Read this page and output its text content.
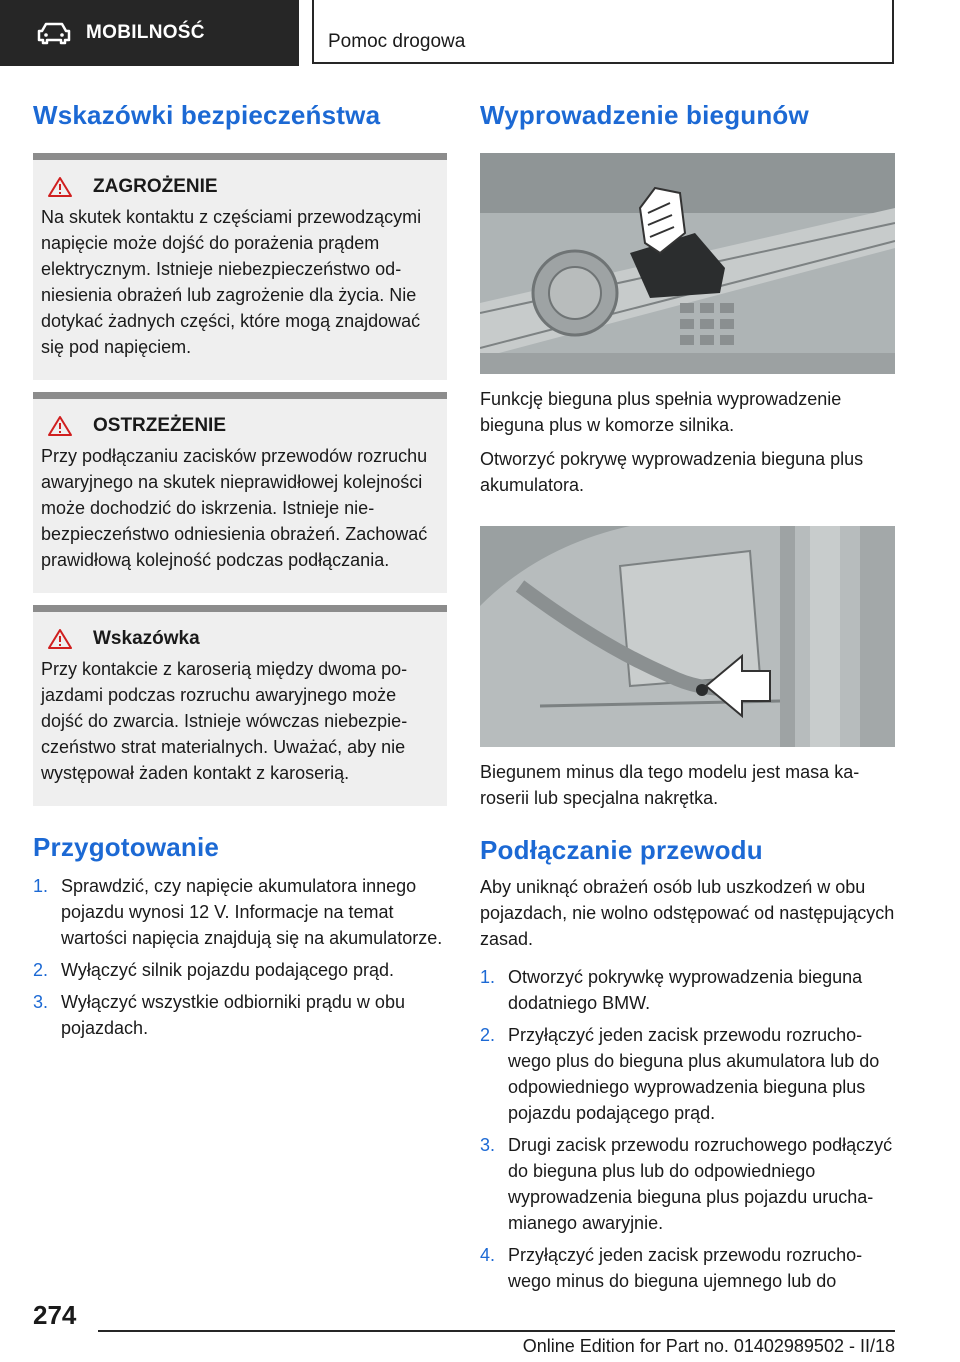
MOBILNOŚĆ	Pomoc drogowa
Wskazówki bezpieczeństwa
ZAGROŻENIE

Na skutek kontaktu z częściami przewodzącymi napięcie może dojść do porażenia prądem elektrycznym. Istnieje niebezpieczeństwo odniesienia obrażeń lub zagrożenie dla życia. Nie dotykać żadnych części, które mogą znajdować się pod napięciem.

OSTRZEŻENIE

Przy podłączaniu zacisków przewodów rozruchu awaryjnego na skutek nieprawidłowej kolejności może dochodzić do iskrzenia. Istnieje niebezpieczeństwo odniesienia obrażeń. Zachować prawidłową kolejność podczas podłączania.

Wskazówka

Przy kontakcie z karoserią między dwoma pojazdami podczas rozruchu awaryjnego może dojść do zwarcia. Istnieje wówczas niebezpieczeństwo strat materialnych. Uważać, aby nie występował żaden kontakt z karoserią.

Przygotowanie
1. Sprawdzić, czy napięcie akumulatora innego pojazdu wynosi 12 V. Informacje na temat wartości napięcia znajdują się na akumulatorze.
2. Wyłączyć silnik pojazdu podającego prąd.
3. Wyłączyć wszystkie odbiorniki prądu w obu pojazdach.
Wyprowadzenie biegunów

Funkcję bieguna plus spełnia wyprowadzenie bieguna plus w komorze silnika.

Otworzyć pokrywę wyprowadzenia bieguna plus akumulatora.

Biegunem minus dla tego modelu jest masa karoserii lub specjalna nakrętka.

Podłączanie przewodu

Aby uniknąć obrażeń osób lub uszkodzeń w obu pojazdach, nie wolno odstępować od następujących zasad.

1. Otworzyć pokrywkę wyprowadzenia bieguna dodatniego BMW.
2. Przyłączyć jeden zacisk przewodu rozruchowego plus do bieguna plus akumulatora lub do odpowiedniego wyprowadzenia bieguna plus pojazdu podającego prąd.
3. Drugi zacisk przewodu rozruchowego podłączyć do bieguna plus lub do odpowiedniego wyprowadzenia bieguna plus pojazdu uruchamianego awaryjnie.
4. Przyłączyć jeden zacisk przewodu rozruchowego minus do bieguna ujemnego lub do
274
Online Edition for Part no. 01402989502 - II/18
